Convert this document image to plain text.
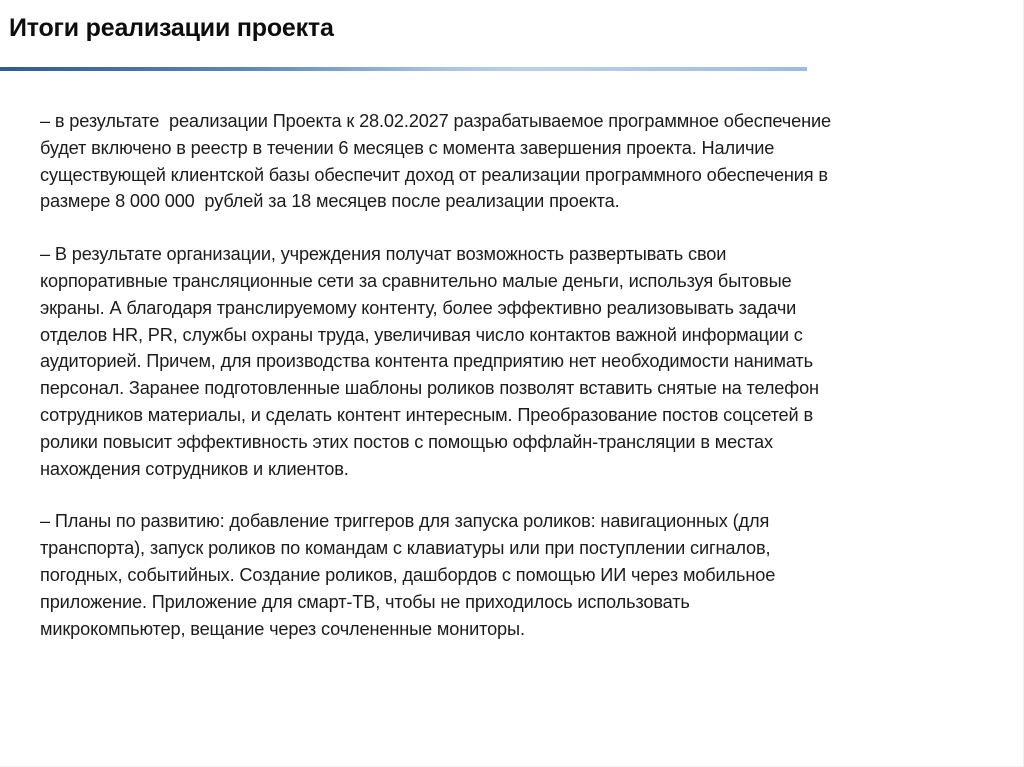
Итоги реализации проекта
– в результате  реализации Проекта к 28.02.2027 разрабатываемое программное обеспечение
будет включено в реестр в течении 6 месяцев с момента завершения проекта. Наличие
существующей клиентской базы обеспечит доход от реализации программного обеспечения в
размере 8 000 000  рублей за 18 месяцев после реализации проекта.
– В результате организации, учреждения получат возможность развертывать свои
корпоративные трансляционные сети за сравнительно малые деньги, используя бытовые
экраны. А благодаря транслируемому контенту, более эффективно реализовывать задачи
отделов HR, PR, службы охраны труда, увеличивая число контактов важной информации с
аудиторией. Причем, для производства контента предприятию нет необходимости нанимать
персонал. Заранее подготовленные шаблоны роликов позволят вставить снятые на телефон
сотрудников материалы, и сделать контент интересным. Преобразование постов соцсетей в
ролики повысит эффективность этих постов с помощью оффлайн-трансляции в местах
нахождения сотрудников и клиентов.
– Планы по развитию: добавление триггеров для запуска роликов: навигационных (для
транспорта), запуск роликов по командам с клавиатуры или при поступлении сигналов,
погодных, событийных. Создание роликов, дашбордов с помощью ИИ через мобильное
приложение. Приложение для смарт-ТВ, чтобы не приходилось использовать
микрокомпьютер, вещание через сочлененные мониторы.
